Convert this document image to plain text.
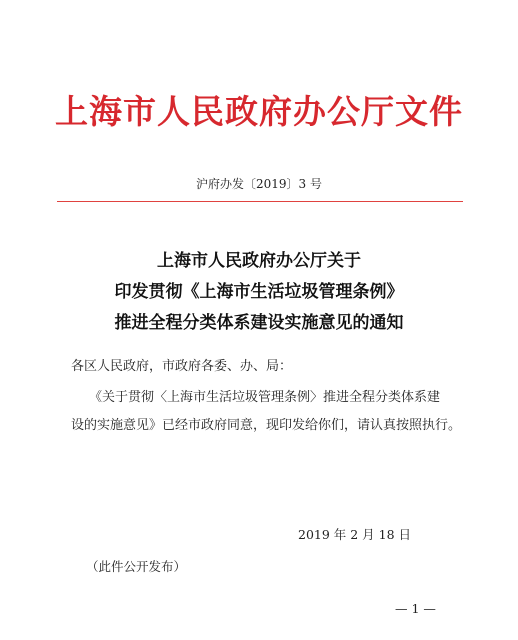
上海市人民政府办公厅文件
沪府办发〔2019〕3 号
上海市人民政府办公厅关于
印发贯彻《上海市生活垃圾管理条例》
推进全程分类体系建设实施意见的通知
各区人民政府，市政府各委、办、局：
《关于贯彻〈上海市生活垃圾管理条例〉推进全程分类体系建
设的实施意见》已经市政府同意，现印发给你们，请认真按照执行。
2019 年 2 月 18 日
（此件公开发布）
— 1 —
